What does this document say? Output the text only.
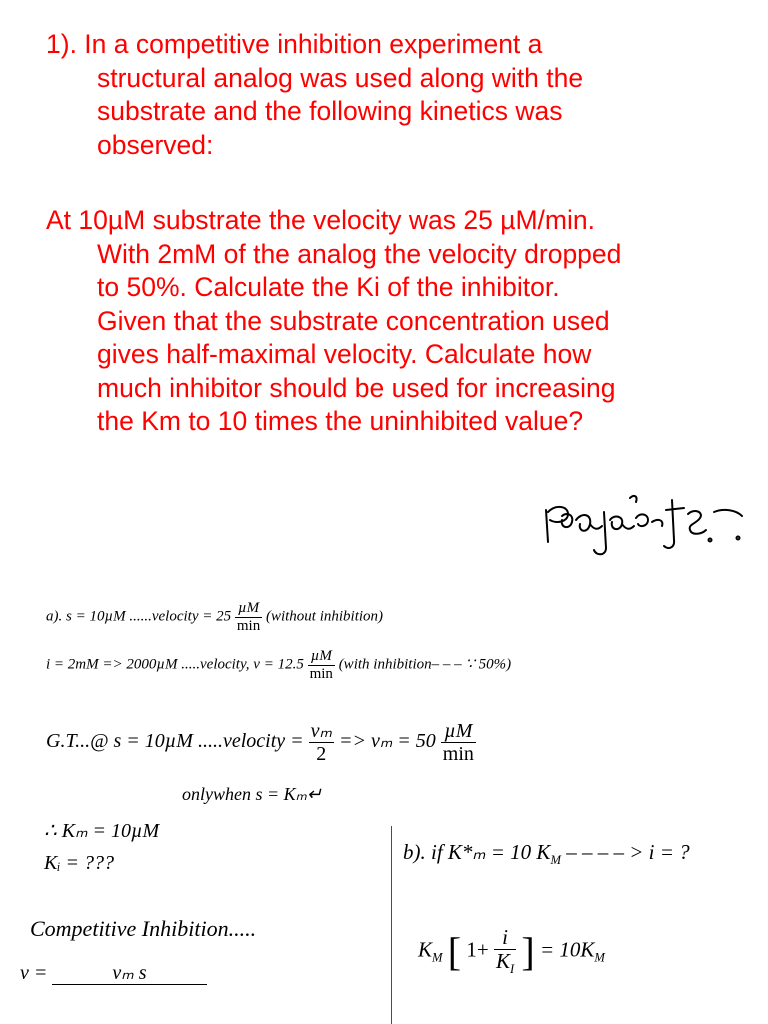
1). In a competitive inhibition experiment a
structural analog was used along with the
substrate and the following kinetics was
observed:
At 10µM substrate the velocity was 25 µM/min.
With 2mM of the analog the velocity dropped
to 50%. Calculate the Ki of the inhibitor.
Given that the substrate concentration used
gives half-maximal velocity. Calculate how
much inhibitor should be used for increasing
the Km to 10 times the uninhibited value?
a). s = 10µM ......velocity = $25 \frac{\text{µM}}{\min}$ (without inhibition)
i = 2mM => 2000µM .....velocity, $v = 12.5 \frac{\text{µM}}{\min}$ (with inhibition– – – ∵ 50%)
G.T...@ s = 10µM .....velocity = $\frac{\text{vₘ}}{2} => v_m = 50 \frac{\text{µM}}{\min}$
onlywhen s = Kₘ↵
∴ Kₘ = 10µM
Kᵢ = ???
Competitive Inhibition.....
v =	vₘ s
b). if K*ₘ = 10 $K_M$ – – – – > i = ?
$K_M$ [ $1+ \frac{i}{K_I}$ ] = $10K_M$
